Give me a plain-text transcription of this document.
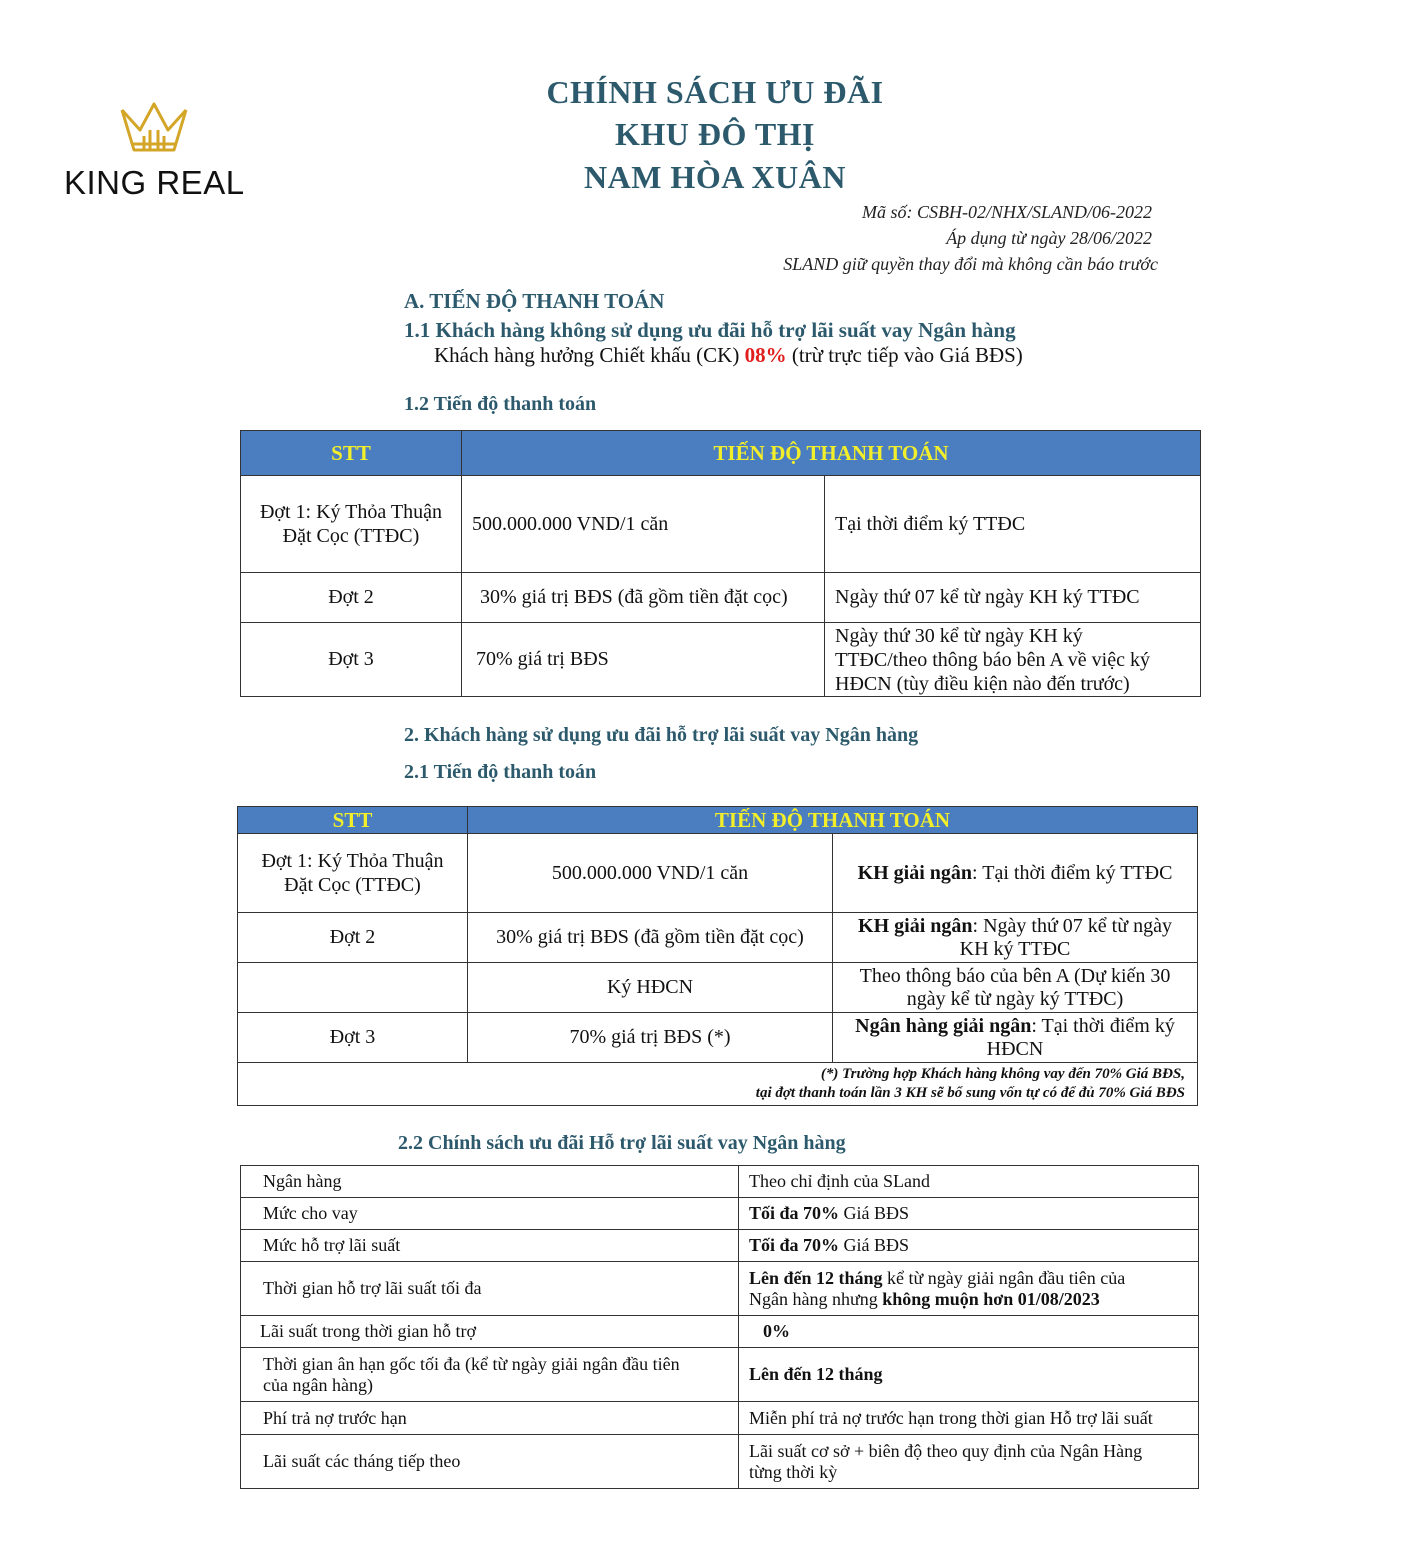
KING REAL
CHÍNH SÁCH ƯU ĐÃI
KHU ĐÔ THỊ
NAM HÒA XUÂN
Mã số: CSBH-02/NHX/SLAND/06-2022
Áp dụng từ ngày 28/06/2022
SLAND giữ quyền thay đổi mà không cần báo trước
A. TIẾN ĐỘ THANH TOÁN
1.1 Khách hàng không sử dụng ưu đãi hỗ trợ lãi suất vay Ngân hàng
Khách hàng hưởng Chiết khấu (CK) 08% (trừ trực tiếp vào Giá BĐS)
1.2 Tiến độ thanh toán
STT	TIẾN ĐỘ THANH TOÁN	

Đợt 1: Ký Thỏa Thuận
Đặt Cọc (TTĐC)	500.000.000 VND/1 căn	Tại thời điểm ký TTĐC
Đợt 2	30% giá trị BĐS (đã gồm tiền đặt cọc)	Ngày thứ 07 kể từ ngày KH ký TTĐC
Đợt 3	70% giá trị BĐS	Ngày thứ 30 kể từ ngày KH ký
TTĐC/theo thông báo bên A về việc ký
HĐCN (tùy điều kiện nào đến trước)
2. Khách hàng sử dụng ưu đãi hỗ trợ lãi suất vay Ngân hàng
2.1 Tiến độ thanh toán
STT	TIẾN ĐỘ THANH TOÁN	

Đợt 1: Ký Thỏa Thuận
Đặt Cọc (TTĐC)	500.000.000 VND/1 căn	KH giải ngân: Tại thời điểm ký TTĐC
Đợt 2	30% giá trị BĐS (đã gồm tiền đặt cọc)	KH giải ngân: Ngày thứ 07 kể từ ngày
KH ký TTĐC

	Ký HĐCN	Theo thông báo của bên A (Dự kiến 30
ngày kể từ ngày ký TTĐC)

Đợt 3	70% giá trị BĐS (*)	Ngân hàng giải ngân: Tại thời điểm ký
HĐCN

(*) Trường hợp Khách hàng không vay đến 70% Giá BĐS,
tại đợt thanh toán lần 3 KH sẽ bổ sung vốn tự có để đủ 70% Giá BĐS		
2.2 Chính sách ưu đãi Hỗ trợ lãi suất vay Ngân hàng
Ngân hàng	Theo chỉ định của SLand
Mức cho vay	Tối đa 70% Giá BĐS
Mức hỗ trợ lãi suất	Tối đa 70% Giá BĐS
Thời gian hỗ trợ lãi suất tối đa	Lên đến 12 tháng kể từ ngày giải ngân đầu tiên của
Ngân hàng nhưng không muộn hơn 01/08/2023

Lãi suất trong thời gian hỗ trợ	0%

Thời gian ân hạn gốc tối đa (kể từ ngày giải ngân đầu tiên
của ngân hàng)	Lên đến 12 tháng
Phí trả nợ trước hạn	Miễn phí trả nợ trước hạn trong thời gian Hỗ trợ lãi suất
Lãi suất các tháng tiếp theo	Lãi suất cơ sở + biên độ theo quy định của Ngân Hàng
từng thời kỳ
